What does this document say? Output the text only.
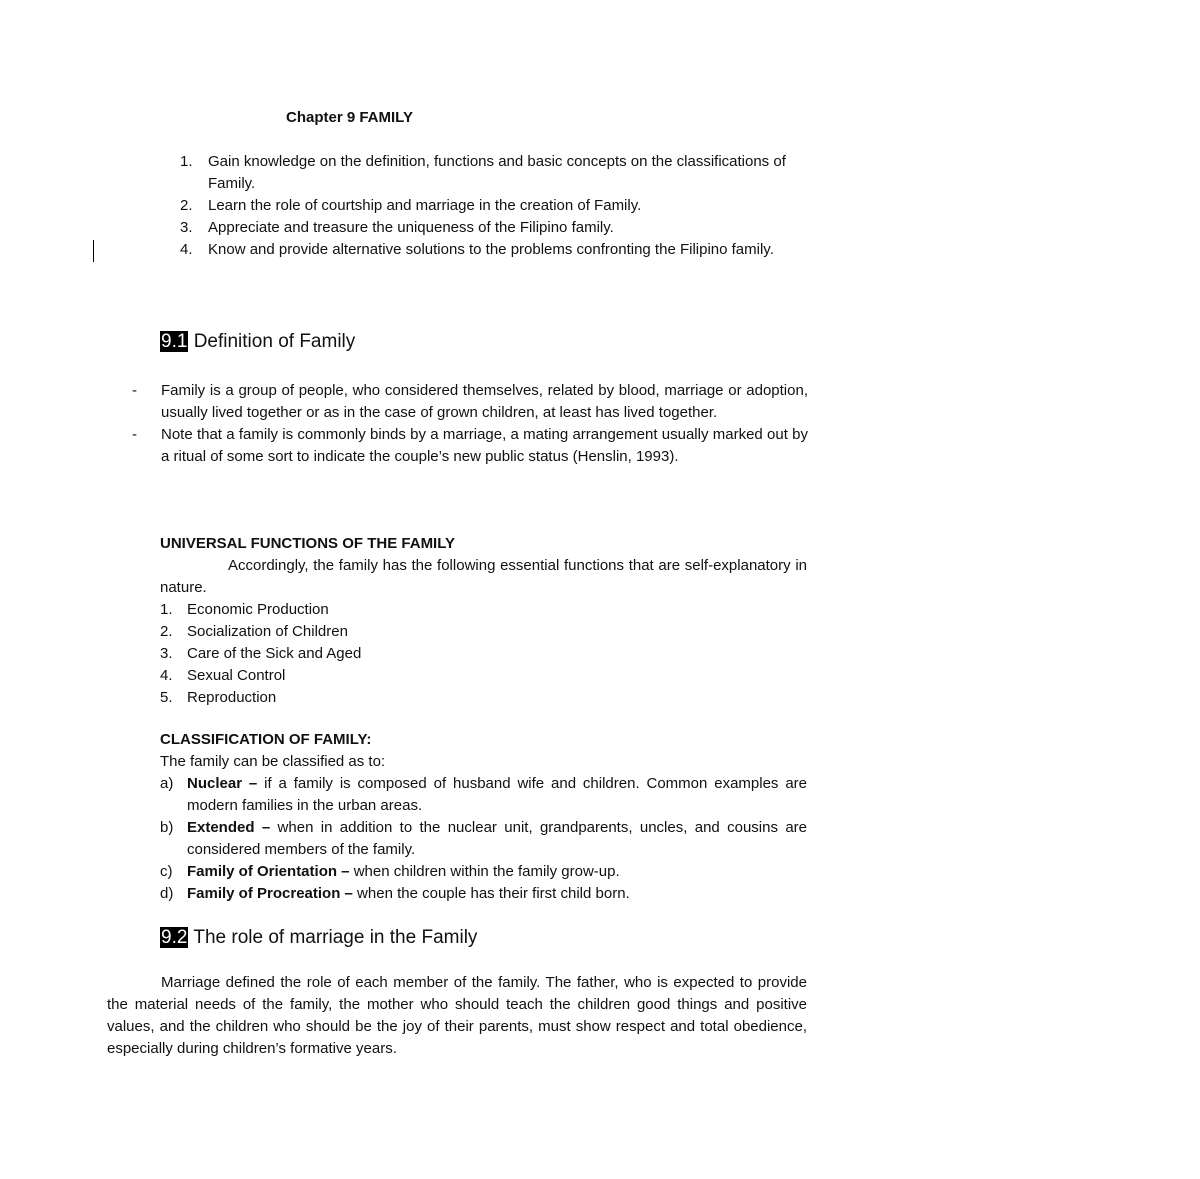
Chapter 9 FAMILY
1.	Gain knowledge on the definition, functions and basic concepts on the classifications of Family.
2.	Learn the role of courtship and marriage in the creation of Family.
3.	Appreciate and treasure the uniqueness of the Filipino family.
4.	Know and provide alternative solutions to the problems confronting the Filipino family.
9.1 Definition of Family
-	Family is a group of people, who considered themselves, related by blood, marriage or adoption, usually lived together or as in the case of grown children, at least has lived together.
-	Note that a family is commonly binds by a marriage, a mating arrangement usually marked out by a ritual of some sort to indicate the couple’s new public status (Henslin, 1993).
UNIVERSAL FUNCTIONS OF THE FAMILY
Accordingly, the family has the following essential functions that are self-explanatory in nature.
1. Economic Production
2. Socialization of Children
3. Care of the Sick and Aged
4. Sexual Control
5. Reproduction
CLASSIFICATION OF FAMILY:
The family can be classified as to:
a) Nuclear – if a family is composed of husband wife and children. Common examples are modern families in the urban areas.
b) Extended – when in addition to the nuclear unit, grandparents, uncles, and cousins are considered members of the family.
c) Family of Orientation – when children within the family grow-up.
d) Family of Procreation – when the couple has their first child born.
9.2 The role of marriage in the Family
Marriage defined the role of each member of the family. The father, who is expected to provide the material needs of the family, the mother who should teach the children good things and positive values, and the children who should be the joy of their parents, must show respect and total obedience, especially during children’s formative years.
